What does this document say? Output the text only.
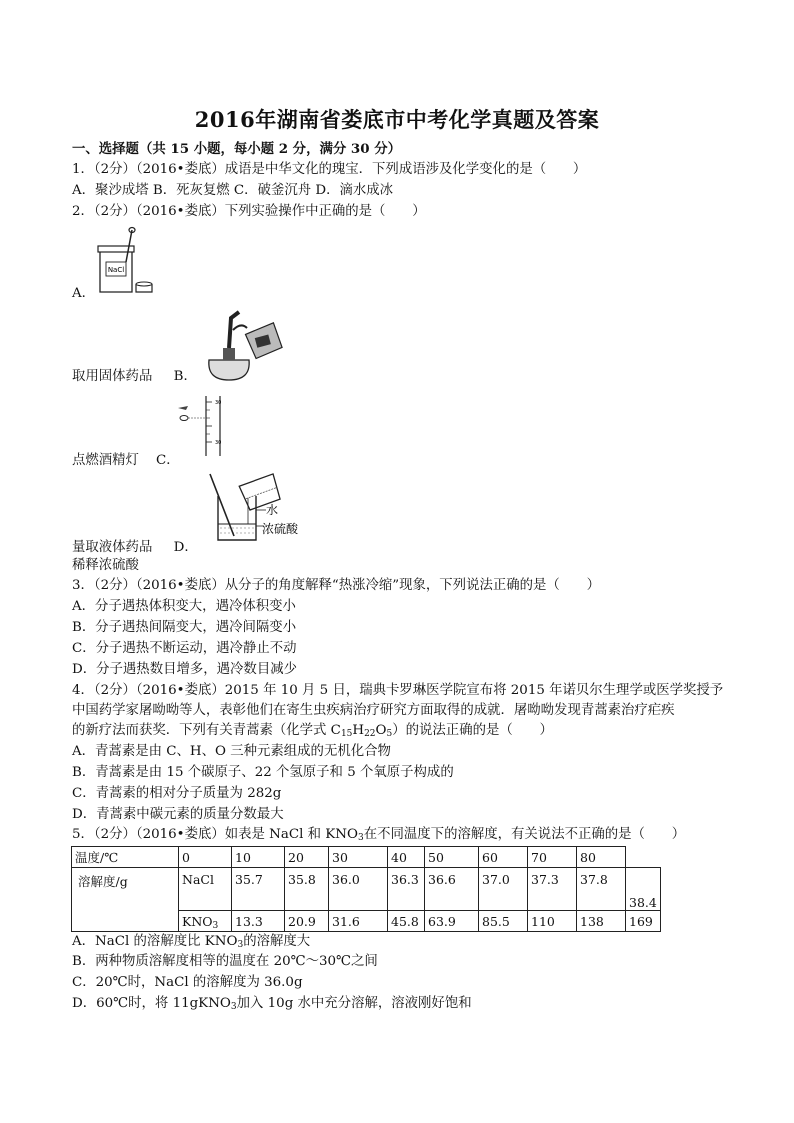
2016年湖南省娄底市中考化学真题及答案
一、选择题（共 15 小题，每小题 2 分，满分 30 分）
1．（2分）（2016•娄底）成语是中华文化的瑰宝．下列成语涉及化学变化的是（　　）
A．聚沙成塔 B．死灰复燃 C．破釜沉舟 D．滴水成冰
2．（2分）（2016•娄底）下列实验操作中正确的是（　　）
NaCl
A．
取用固体药品 B．
30
30
点燃酒精灯 C．
水
浓硫酸
量取液体药品 D．
稀释浓硫酸
3．（2分）（2016•娄底）从分子的角度解释“热涨冷缩”现象，下列说法正确的是（　　）
A．分子遇热体积变大，遇冷体积变小
B．分子遇热间隔变大，遇冷间隔变小
C．分子遇热不断运动，遇冷静止不动
D．分子遇热数目增多，遇冷数目减少
4．（2分）（2016•娄底）2015 年 10 月 5 日，瑞典卡罗琳医学院宣布将 2015 年诺贝尔生理学或医学奖授予
中国药学家屠呦呦等人，表彰他们在寄生虫疾病治疗研究方面取得的成就．屠呦呦发现青蒿素治疗疟疾
的新疗法而获奖．下列有关青蒿素（化学式 $C_{15}H_{22}O_5$）的说法正确的是（　　）
A．青蒿素是由 C、H、O 三种元素组成的无机化合物
B．青蒿素是由 15 个碳原子、22 个氢原子和 5 个氧原子构成的
C．青蒿素的相对分子质量为 282g
D．青蒿素中碳元素的质量分数最大
5．（2分）（2016•娄底）如表是 NaCl 和 $KNO_3$在不同温度下的溶解度，有关说法不正确的是（　　）
温度/℃	0	10	20	30	40	50	60	70	80	
溶解度/g	NaCl	35.7	35.8	36.0	36.3	36.6	37.0	37.3	37.8	38.4
	$KNO_3$	13.3	20.9	31.6	45.8	63.9	85.5	110	138	169
A．NaCl 的溶解度比 $KNO_3$的溶解度大
B．两种物质溶解度相等的温度在 20℃～30℃之间
C．20℃时，NaCl 的溶解度为 36.0g
D．60℃时，将 11gKNO$_3$加入 10g 水中充分溶解，溶液刚好饱和
